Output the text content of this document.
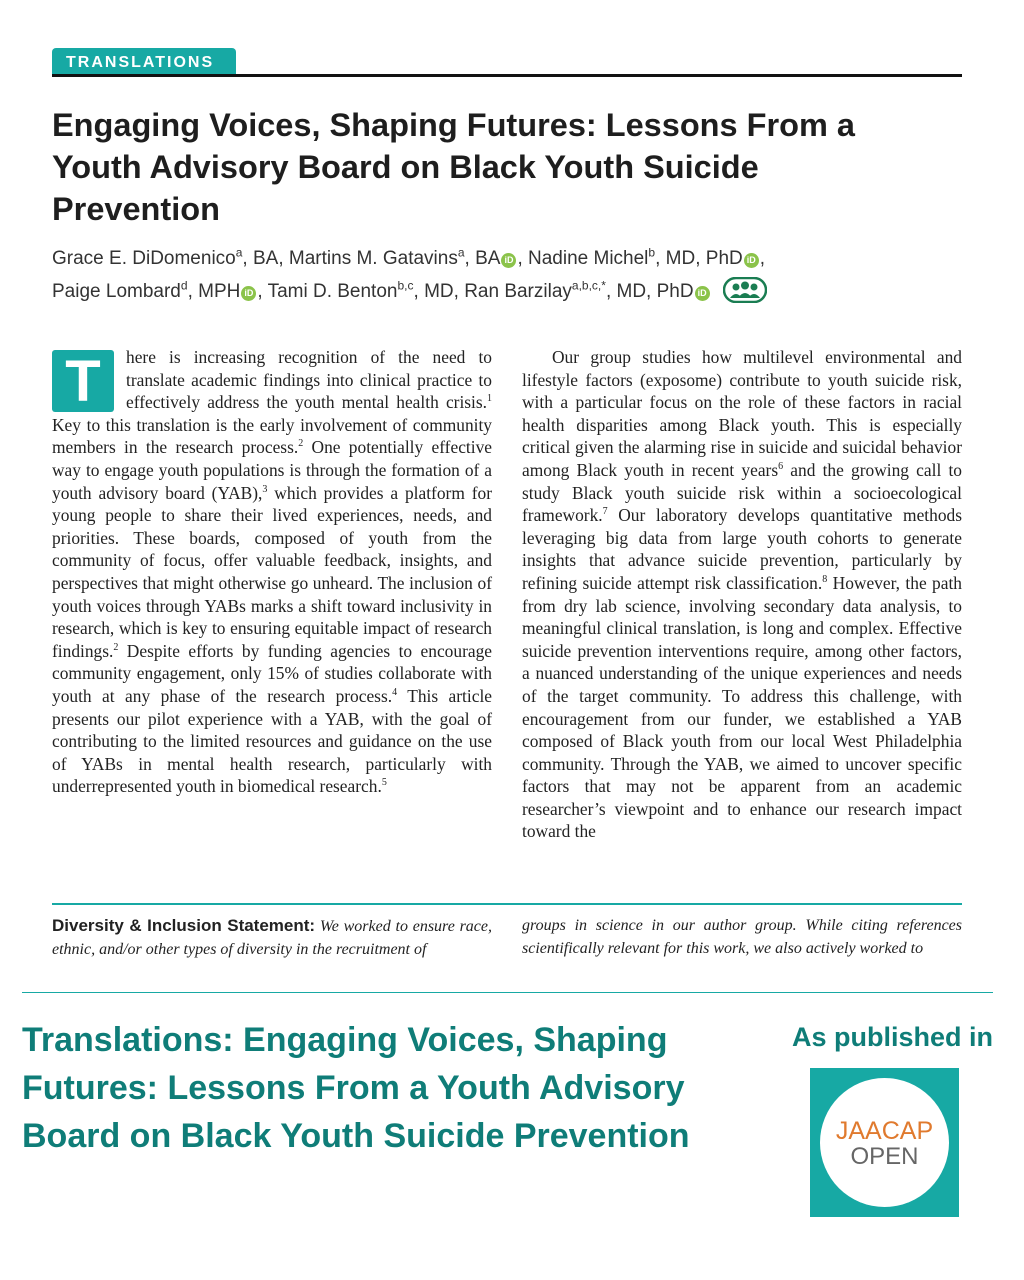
TRANSLATIONS
Engaging Voices, Shaping Futures: Lessons From a Youth Advisory Board on Black Youth Suicide Prevention
Grace E. DiDomenico$^a$, BA, Martins M. Gatavins$^a$, BA iD , Nadine Michel$^b$, MD, PhD iD ,
Paige Lombard$^d$, MPH iD , Tami D. Benton$^{b,c}$, MD, Ran Barzilay$^{a,b,c,*}$, MD, PhD iD

T	here is increasing recognition of the need to translate academic findings into clinical practice to effectively address the youth mental health crisis.$^1$ Key to this translation is the early involvement of community members in the research process.$^2$ One potentially effective way to engage youth populations is through the formation of a youth advisory board (YAB),$^3$ which provides a platform for young people to share their lived experiences, needs, and priorities. These boards, composed of youth from the community of focus, offer valuable feedback, insights, and perspectives that might otherwise go unheard. The inclusion of youth voices through YABs marks a shift toward inclusivity in research, which is key to ensuring equitable impact of research findings.$^2$ Despite efforts by funding agencies to encourage community engagement, only 15% of studies collaborate with youth at any phase of the research process.$^4$ This article presents our pilot experience with a YAB, with the goal of contributing to the limited resources and guidance on the use of YABs in mental health research, particularly with underrepresented youth in biomedical research.$^5$

Our group studies how multilevel environmental and lifestyle factors (exposome) contribute to youth suicide risk, with a particular focus on the role of these factors in racial health disparities among Black youth. This is especially critical given the alarming rise in suicide and suicidal behavior among Black youth in recent years$^6$ and the growing call to study Black youth suicide risk within a socioecological framework.$^7$ Our laboratory develops quantitative methods leveraging big data from large youth cohorts to generate insights that advance suicide prevention, particularly by refining suicide attempt risk classification.$^8$ However, the path from dry lab science, involving secondary data analysis, to meaningful clinical translation, is long and complex. Effective suicide prevention interventions require, among other factors, a nuanced understanding of the unique experiences and needs of the target community. To address this challenge, with encouragement from our funder, we established a YAB composed of Black youth from our local West Philadelphia community. Through the YAB, we aimed to uncover specific factors that may not be apparent from an academic researcher’s viewpoint and to enhance our research impact toward the

Diversity & Inclusion Statement: We worked to ensure race, ethnic, and/or other types of diversity in the recruitment of
groups in science in our author group. While citing references scientifically relevant for this work, we also actively worked to
Translations: Engaging Voices, Shaping Futures: Lessons From a Youth Advisory Board on Black Youth Suicide Prevention
As published in
JAACAP
OPEN
